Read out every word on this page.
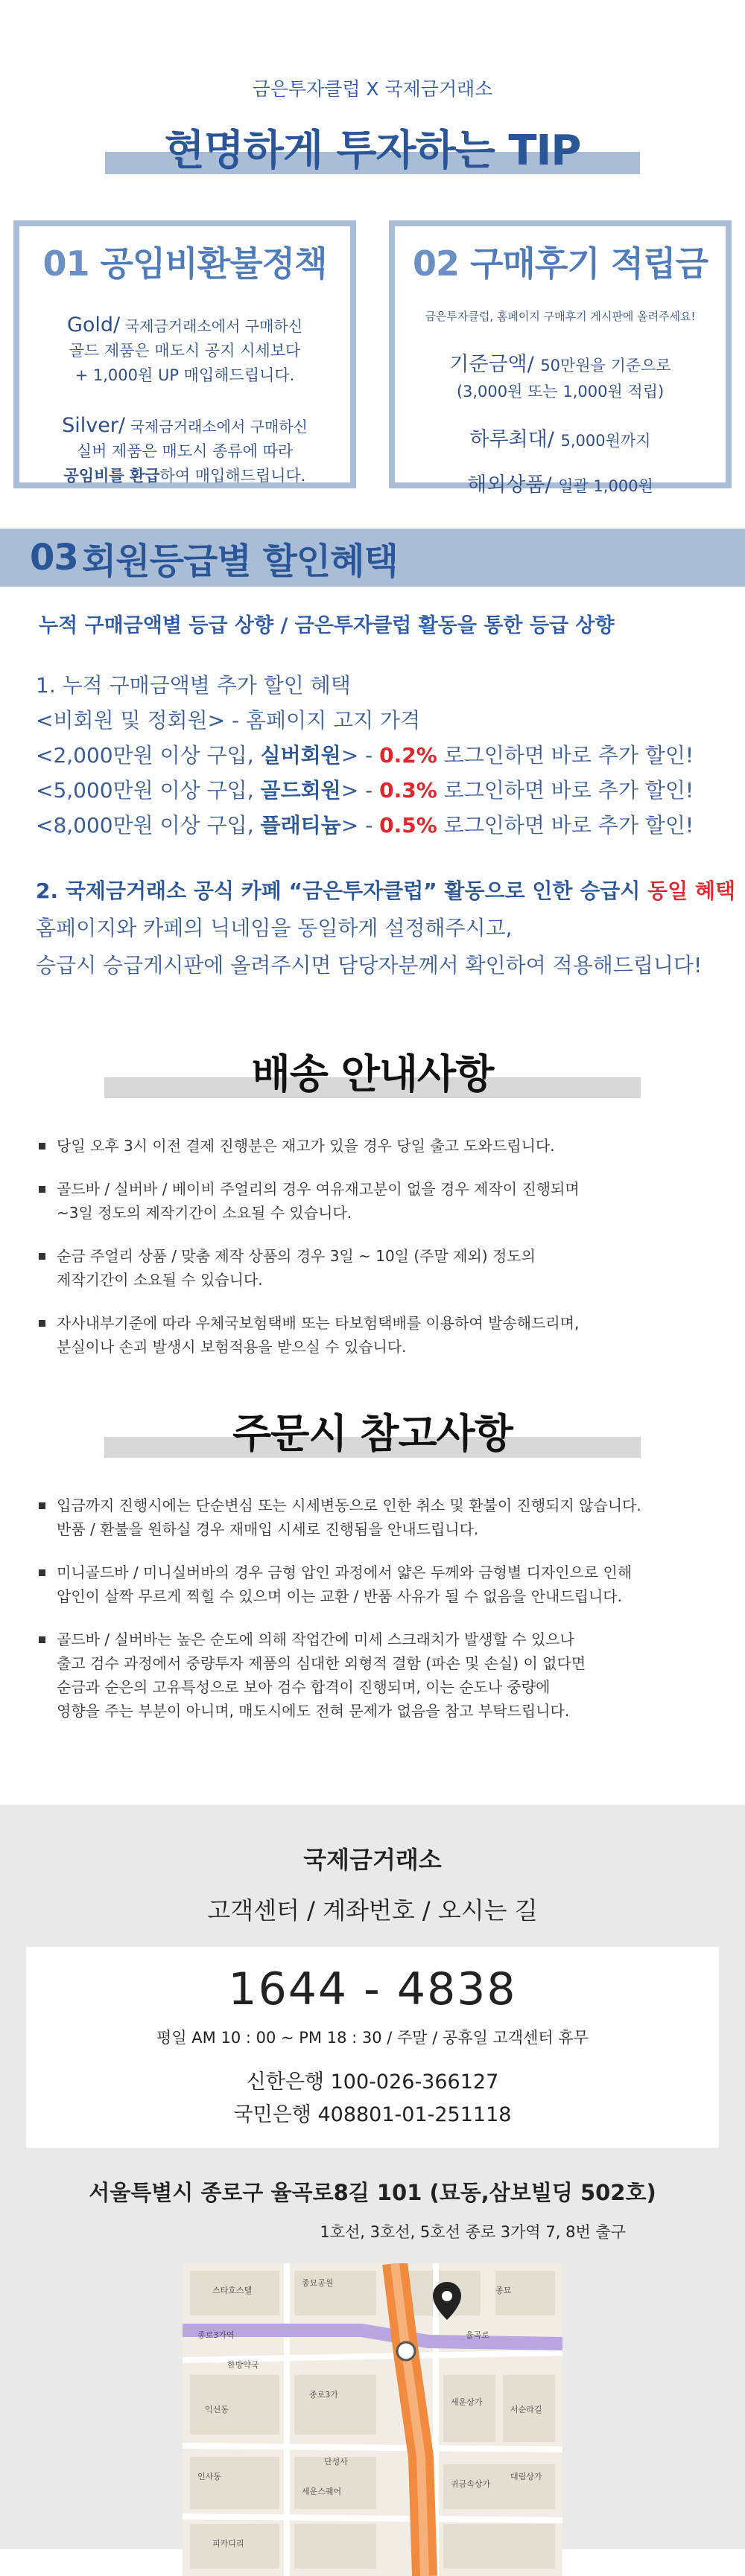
금은투자클럽 X 국제금거래소
현명하게 투자하는 TIP
01 공임비환불정책

Gold/ 국제금거래소에서 구매하신

골드 제품은 매도시 공지 시세보다

+ 1,000원 UP 매입해드립니다.

Silver/ 국제금거래소에서 구매하신

실버 제품은 매도시 종류에 따라

공임비를 환급하여 매입해드립니다.

02 구매후기 적립금

금은투자클럽, 홈페이지 구매후기 게시판에 올려주세요!

기준금액/ 50만원을 기준으로

(3,000원 또는 1,000원 적립)

하루최대/ 5,000원까지

해외상품/ 일괄 1,000원

03
회원등급별 할인혜택
누적 구매금액별 등급 상향 / 금은투자클럽 활동을 통한 등급 상향
1. 누적 구매금액별 추가 할인 혜택
<비회원 및 정회원> - 홈페이지 고지 가격
<2,000만원 이상 구입, 실버회원> - 0.2% 로그인하면 바로 추가 할인!
<5,000만원 이상 구입, 골드회원> - 0.3% 로그인하면 바로 추가 할인!
<8,000만원 이상 구입, 플래티늄> - 0.5% 로그인하면 바로 추가 할인!
2. 국제금거래소 공식 카페 “금은투자클럽” 활동으로 인한 승급시 동일 혜택
홈페이지와 카페의 닉네임을 동일하게 설정해주시고,
승급시 승급게시판에 올려주시면 담당자분께서 확인하여 적용해드립니다!
배송 안내사항
당일 오후 3시 이전 결제 진행분은 재고가 있을 경우 당일 출고 도와드립니다.
골드바 / 실버바 / 베이비 주얼리의 경우 여유재고분이 없을 경우 제작이 진행되며
~3일 정도의 제작기간이 소요될 수 있습니다.
순금 주얼리 상품 / 맞춤 제작 상품의 경우 3일 ~ 10일 (주말 제외) 정도의
제작기간이 소요될 수 있습니다.
자사내부기준에 따라 우체국보험택배 또는 타보험택배를 이용하여 발송해드리며,
분실이나 손괴 발생시 보험적용을 받으실 수 있습니다.
주문시 참고사항
입금까지 진행시에는 단순변심 또는 시세변동으로 인한 취소 및 환불이 진행되지 않습니다.
반품 / 환불을 원하실 경우 재매입 시세로 진행됨을 안내드립니다.
미니골드바 / 미니실버바의 경우 금형 압인 과정에서 얇은 두께와 금형별 디자인으로 인해
압인이 살짝 무르게 찍힐 수 있으며 이는 교환 / 반품 사유가 될 수 없음을 안내드립니다.
골드바 / 실버바는 높은 순도에 의해 작업간에 미세 스크래치가 발생할 수 있으나
출고 검수 과정에서 중량투자 제품의 심대한 외형적 결함 (파손 및 손실) 이 없다면
순금과 순은의 고유특성으로 보아 검수 합격이 진행되며, 이는 순도나 중량에
영향을 주는 부분이 아니며, 매도시에도 전혀 문제가 없음을 참고 부탁드립니다.
국제금거래소
고객센터 / 계좌번호 / 오시는 길
1644 - 4838
평일 AM 10 : 00 ~ PM 18 : 30 / 주말 / 공휴일 고객센터 휴무
신한은행 100-026-366127
국민은행 408801-01-251118
서울특별시 종로구 율곡로8길 101 (묘동,삼보빌딩 502호)
1호선, 3호선, 5호선 종로 3가역 7, 8번 출구
종묘공원
율곡로
스타호스텔
종로3가역
세운상가
한방약국
종로3가
익선동
대림상가
세운스퀘어
서순라길
피카디리
종묘
단성사
귀금속상가
인사동
